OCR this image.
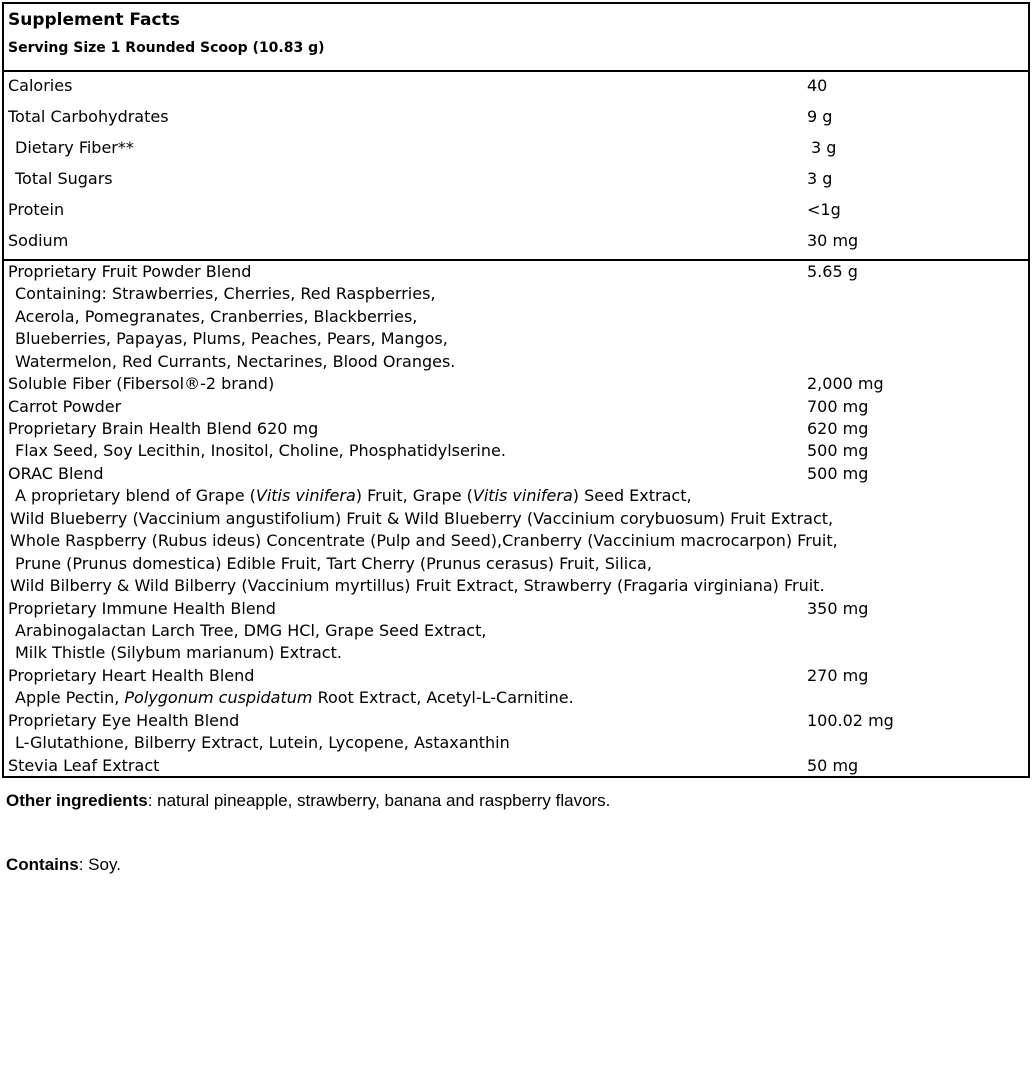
Supplement Facts
Serving Size 1 Rounded Scoop (10.83 g)
Calories	40
Total Carbohydrates	9 g
Dietary Fiber**	3 g
Total Sugars	3 g
Protein	<1g
Sodium	30 mg
Proprietary Fruit Powder Blend	5.65 g
Containing: Strawberries, Cherries, Red Raspberries,
Acerola, Pomegranates, Cranberries, Blackberries,
Blueberries, Papayas, Plums, Peaches, Pears, Mangos,
Watermelon, Red Currants, Nectarines, Blood Oranges.
Soluble Fiber (Fibersol®-2 brand)	2,000 mg
Carrot Powder	700 mg
Proprietary Brain Health Blend 620 mg	620 mg
Flax Seed, Soy Lecithin, Inositol, Choline, Phosphatidylserine.	500 mg
ORAC Blend	500 mg
A proprietary blend of Grape (Vitis vinifera) Fruit, Grape (Vitis vinifera) Seed Extract,
Wild Blueberry (Vaccinium angustifolium) Fruit & Wild Blueberry (Vaccinium corybuosum) Fruit Extract,
Whole Raspberry (Rubus ideus) Concentrate (Pulp and Seed),Cranberry (Vaccinium macrocarpon) Fruit,
Prune (Prunus domestica) Edible Fruit, Tart Cherry (Prunus cerasus) Fruit, Silica,
Wild Bilberry & Wild Bilberry (Vaccinium myrtillus) Fruit Extract, Strawberry (Fragaria virginiana) Fruit.
Proprietary Immune Health Blend	350 mg
Arabinogalactan Larch Tree, DMG HCl, Grape Seed Extract,
Milk Thistle (Silybum marianum) Extract.
Proprietary Heart Health Blend	270 mg
Apple Pectin, Polygonum cuspidatum Root Extract, Acetyl-L-Carnitine.
Proprietary Eye Health Blend	100.02 mg
L-Glutathione, Bilberry Extract, Lutein, Lycopene, Astaxanthin
Stevia Leaf Extract	50 mg
Other ingredients: natural pineapple, strawberry, banana and raspberry flavors.
Contains: Soy.
